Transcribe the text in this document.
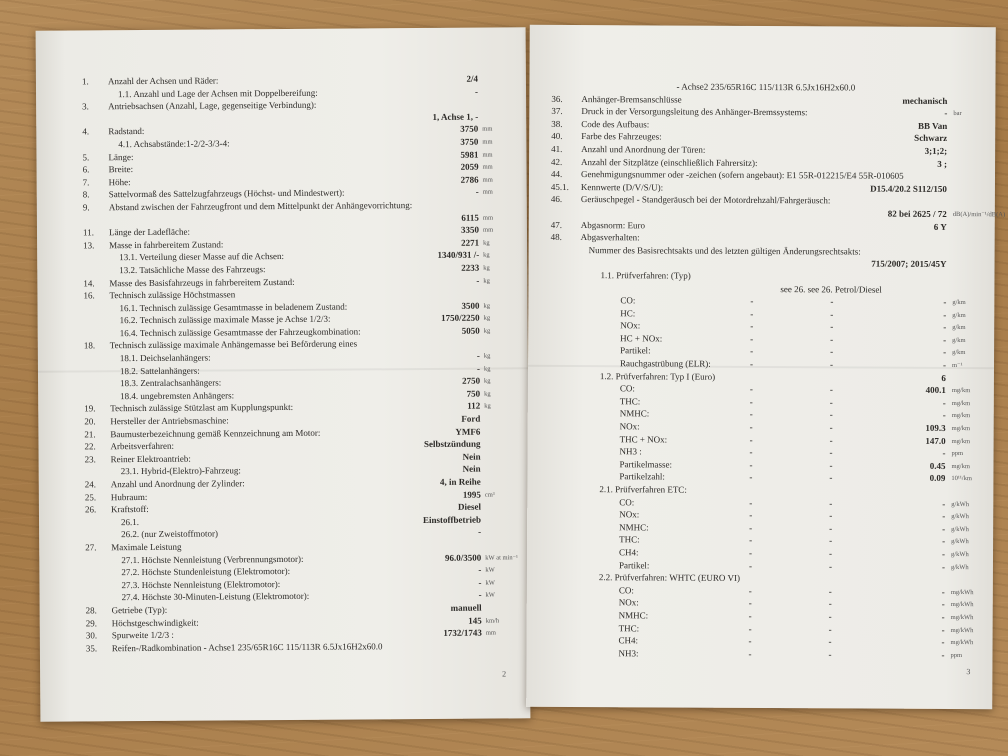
1.	Anzahl der Achsen und Räder:	2/4
1.1. Anzahl und Lage der Achsen mit Doppelbereifung:	-
3.	Antriebsachsen (Anzahl, Lage, gegenseitige Verbindung):
1, Achse 1, -
4.	Radstand:	3750 mm
4.1. Achsabstände:1-2/2-3/3-4:	3750 mm
5.	Länge:	5981 mm
6.	Breite:	2059 mm
7.	Höhe:	2786 mm
8.	Sattelvormaß des Sattelzugfahrzeugs (Höchst- und Mindestwert):	- mm
9.	Abstand zwischen der Fahrzeugfront und dem Mittelpunkt der Anhängevorrichtung:
6115 mm
11.	Länge der Ladefläche:	3350 mm
13.	Masse in fahrbereitem Zustand:	2271 kg
13.1. Verteilung dieser Masse auf die Achsen:	1340/931 /- kg
13.2. Tatsächliche Masse des Fahrzeugs:	2233 kg
14.	Masse des Basisfahrzeugs in fahrbereitem Zustand:	- kg
16.	Technisch zulässige Höchstmassen
16.1. Technisch zulässige Gesamtmasse in beladenem Zustand:	3500 kg
16.2. Technisch zulässige maximale Masse je Achse 1/2/3:	1750/2250 kg
16.4. Technisch zulässige Gesamtmasse der Fahrzeugkombination:	5050 kg
18.	Technisch zulässige maximale Anhängemasse bei Beförderung eines
18.1. Deichselanhängers:	- kg
18.2. Sattelanhängers:	- kg
18.3. Zentralachsanhängers:	2750 kg
18.4. ungebremsten Anhängers:	750 kg
19.	Technisch zulässige Stützlast am Kupplungspunkt:	112 kg
20.	Hersteller der Antriebsmaschine:	Ford
21.	Baumusterbezeichnung gemäß Kennzeichnung am Motor:	YMF6
22.	Arbeitsverfahren:	Selbstzündung
23.	Reiner Elektroantrieb:	Nein
23.1. Hybrid-(Elektro)-Fahrzeug:	Nein
24.	Anzahl und Anordnung der Zylinder:	4, in Reihe
25.	Hubraum:	1995 cm³
26.	Kraftstoff:	Diesel
26.1.	Einstoffbetrieb
26.2. (nur Zweistoffmotor)	-
27.	Maximale Leistung
27.1. Höchste Nennleistung (Verbrennungsmotor):	96.0/3500 kW at min⁻¹
27.2. Höchste Stundenleistung (Elektromotor):	- kW
27.3. Höchste Nennleistung (Elektromotor):	- kW
27.4. Höchste 30-Minuten-Leistung (Elektromotor):	- kW
28.	Getriebe (Typ):	manuell
29.	Höchstgeschwindigkeit:	145 km/h
30.	Spurweite 1/2/3 :	1732/1743 mm
35.	Reifen-/Radkombination - Achse1 235/65R16C 115/113R 6.5Jx16H2x60.0
2
- Achse2 235/65R16C 115/113R 6.5Jx16H2x60.0
36.	Anhänger-Bremsanschlüsse	mechanisch
37.	Druck in der Versorgungsleitung des Anhänger-Bremssystems:	- bar
38.	Code des Aufbaus:	BB Van
40.	Farbe des Fahrzeuges:	Schwarz
41.	Anzahl und Anordnung der Türen:	3;1;2;
42.	Anzahl der Sitzplätze (einschließlich Fahrersitz):	3 ;
44.	Genehmigungsnummer oder -zeichen (sofern angebaut): E1 55R-012215/E4 55R-010605
45.1.	Kennwerte (D/V/S/U):	D15.4/20.2 S112/150
46.	Geräuschpegel - Standgeräusch bei der Motordrehzahl/Fahrgeräusch:
82 bei 2625 / 72 dB(A)/min⁻¹/dB(A)
47.	Abgasnorm: Euro	6 Y
48.	Abgasverhalten:
Nummer des Basisrechtsakts und des letzten gültigen Änderungsrechtsakts:
715/2007; 2015/45Y
1.1. Prüfverfahren: (Typ)
see 26. see 26. Petrol/Diesel
CO:	-	-	- g/km
HC:	-	-	- g/km
NOx:	-	-	- g/km
HC + NOx:	-	-	- g/km
Partikel:	-	-	- g/km
Rauchgastrübung (ELR):	-	-	- m⁻¹
1.2. Prüfverfahren: Typ I (Euro)	6
CO:	-	-	400.1 mg/km
THC:	-	-	- mg/km
NMHC:	-	-	- mg/km
NOx:	-	-	109.3 mg/km
THC + NOx:	-	-	147.0 mg/km
NH3 :	-	-	- ppm
Partikelmasse:	-	-	0.45 mg/km
Partikelzahl:	-	-	0.09 10¹¹/km
2.1. Prüfverfahren ETC:
CO:	-	-	- g/kWh
NOx:	-	-	- g/kWh
NMHC:	-	-	- g/kWh
THC:	-	-	- g/kWh
CH4:	-	-	- g/kWh
Partikel:	-	-	- g/kWh
2.2. Prüfverfahren: WHTC (EURO VI)
CO:	-	-	- mg/kWh
NOx:	-	-	- mg/kWh
NMHC:	-	-	- mg/kWh
THC:	-	-	- mg/kWh
CH4:	-	-	- mg/kWh
NH3:	-	-	- ppm
3
